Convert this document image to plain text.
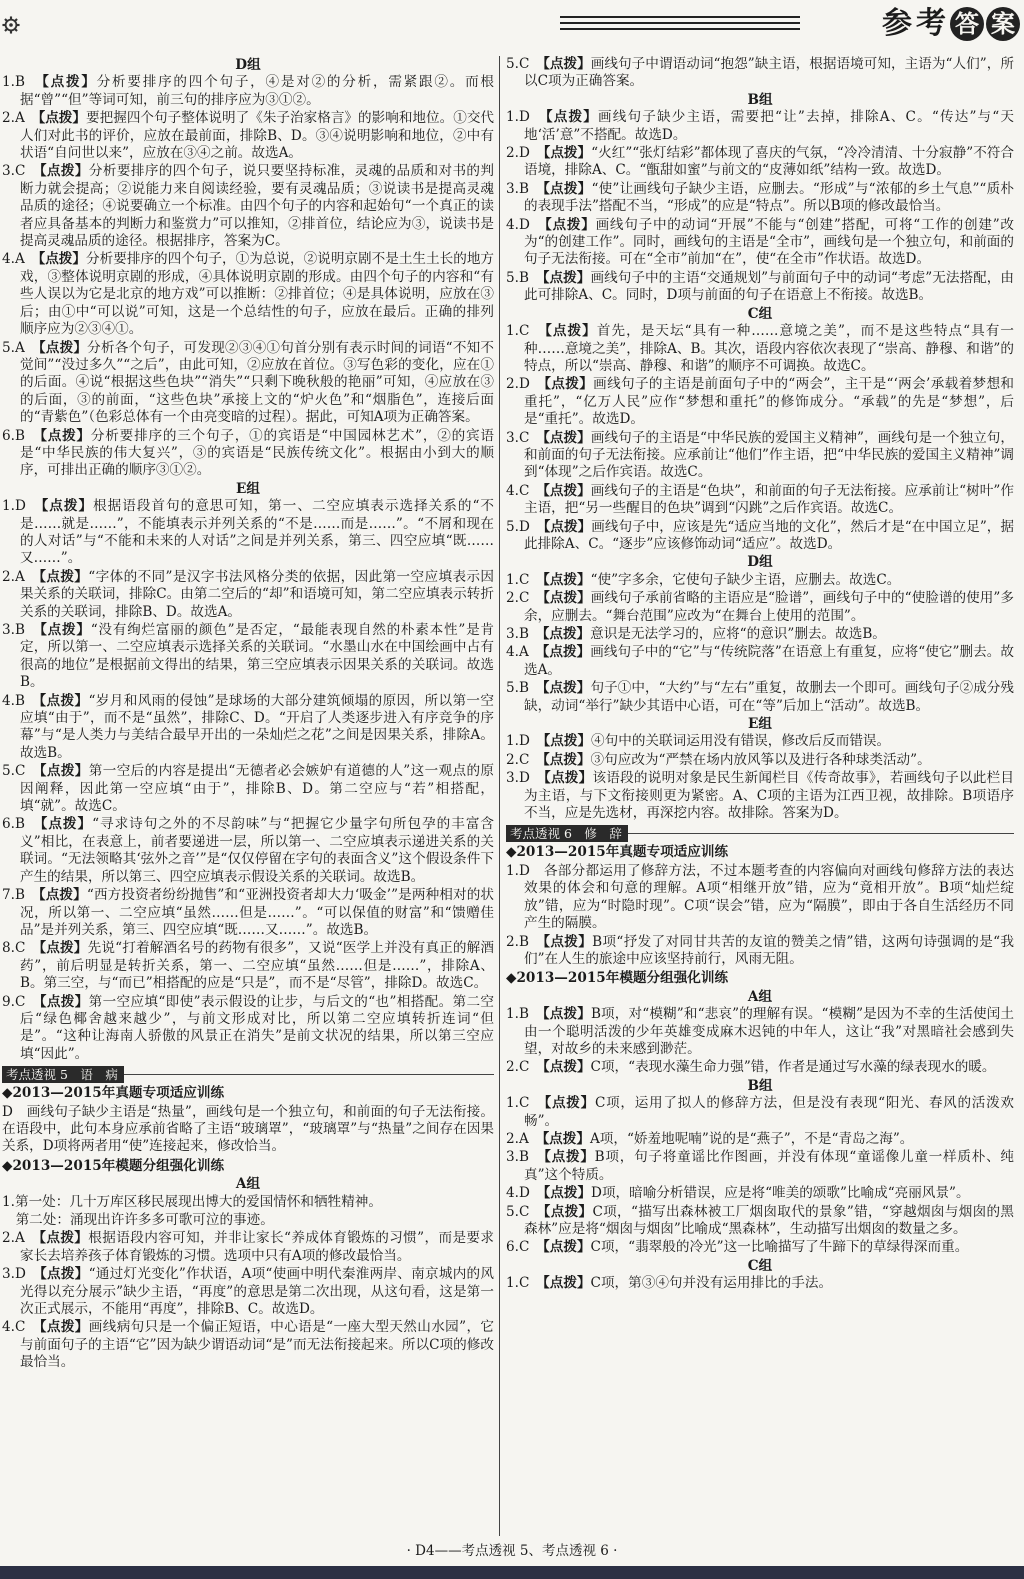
参 考 答 案
D组

1.B　 【点拨】分析要排序的四个句子，④是对②的分析，需紧跟②。而根据“曾”“但”等词可知，前三句的排序应为③①②。

2.A　 【点拨】要把握四个句子整体说明了《朱子治家格言》的影响和地位。①交代人们对此书的评价，应放在最前面，排除B、D。③④说明影响和地位，②中有状语“自问世以来”，应放在③④之前。故选A。

3.C　 【点拨】分析要排序的四个句子，说只要坚持标准，灵魂的品质和对书的判断力就会提高；②说能力来自阅读经验，要有灵魂品质；③说读书是提高灵魂品质的途径；④说要确立一个标准。由四个句子的内容和起始句“一个真正的读者应具备基本的判断力和鉴赏力”可以推知，②排首位，结论应为③，说读书是提高灵魂品质的途径。根据排序，答案为C。

4.A　 【点拨】分析要排序的四个句子，①为总说，②说明京剧不是土生土长的地方戏，③整体说明京剧的形成，④具体说明京剧的形成。由四个句子的内容和“有些人误以为它是北京的地方戏”可以推断：②排首位；④是具体说明，应放在③后；由①中“可以说”可知，这是一个总结性的句子，应放在最后。正确的排列顺序应为②③④①。

5.A　 【点拨】分析各个句子，可发现②③④①句首分别有表示时间的词语“不知不觉间”“没过多久”“之后”，由此可知，②应放在首位。③写色彩的变化，应在①的后面。④说“根据这些色块”“消失”“只剩下晚秋般的艳丽”可知，④应放在③的后面，③的前面，“这些色块”承接上文的“炉火色”和“烟脂色”，连接后面的“青紫色”（色彩总体有一个由亮变暗的过程）。据此，可知A项为正确答案。

6.B　 【点拨】分析要排序的三个句子，①的宾语是“中国园林艺术”，②的宾语是“中华民族的伟大复兴”，③的宾语是“民族传统文化”。根据由小到大的顺序，可排出正确的顺序③①②。

E组

1.D　 【点拨】根据语段首句的意思可知，第一、二空应填表示选择关系的“不是……就是……”，不能填表示并列关系的“不是……而是……”。“不屑和现在的人对话”与“不能和未来的人对话”之间是并列关系，第三、四空应填“既……又……”。

2.A　 【点拨】“字体的不同”是汉字书法风格分类的依据，因此第一空应填表示因果关系的关联词，排除C。由第二空后的“却”和语境可知，第二空应填表示转折关系的关联词，排除B、D。故选A。

3.B　 【点拨】“没有绚烂富丽的颜色”是否定，“最能表现自然的朴素本性”是肯定，所以第一、二空应填表示选择关系的关联词。“水墨山水在中国绘画中占有很高的地位”是根据前文得出的结果，第三空应填表示因果关系的关联词。故选B。

4.B　 【点拨】“岁月和风雨的侵蚀”是球场的大部分建筑倾塌的原因，所以第一空应填“由于”，而不是“虽然”，排除C、D。“开启了人类逐步进入有序竞争的序幕”与“是人类力与美结合最早开出的一朵灿烂之花”之间是因果关系，排除A。故选B。

5.C　 【点拨】第一空后的内容是提出“无德者必会嫉妒有道德的人”这一观点的原因阐释，因此第一空应填“由于”，排除B、D。第二空应与“若”相搭配，填“就”。故选C。

6.B　 【点拨】“寻求诗句之外的不尽韵味”与“把握它少量字句所包孕的丰富含义”相比，在表意上，前者要递进一层，所以第一、二空应填表示递进关系的关联词。“无法领略其‘弦外之音’”是“仅仅停留在字句的表面含义”这个假设条件下产生的结果，所以第三、四空应填表示假设关系的关联词。故选B。

7.B　 【点拨】“西方投资者纷纷抛售”和“亚洲投资者却大力‘吸金’”是两种相对的状况，所以第一、二空应填“虽然……但是……”。“可以保值的财富”和“馈赠佳品”是并列关系，第三、四空应填“既……又……”。故选B。

8.C　 【点拨】先说“打着解酒名号的药物有很多”，又说“医学上并没有真正的解酒药”，前后明显是转折关系，第一、二空应填“虽然……但是……”，排除A、B。第三空，与“而已”相搭配的应是“只是”，而不是“尽管”，排除D。故选C。

9.C　 【点拨】第一空应填“即使”表示假设的让步，与后文的“也”相搭配。第二空后“绿色椰舍越来越少”，与前文形成对比，所以第二空应填转折连词“但是”。“这种让海南人骄傲的风景正在消失”是前文状况的结果，所以第三空应填“因此”。

考点透视 5　语　病
◆ 2013—2015年真题专项适应训练

D　画线句子缺少主语是“热量”，画线句是一个独立句，和前面的句子无法衔接。在语段中，此句本身应承前省略了主语“玻璃罩”，“玻璃罩”与“热量”之间存在因果关系，D项将两者用“使”连接起来，修改恰当。

◆ 2013—2015年模题分组强化训练
A组

1.第一处：几十万库区移民展现出博大的爱国情怀和牺牲精神。

　第二处：涌现出许许多多可歌可泣的事迹。

2.A　 【点拨】根据语段内容可知，并非让家长“养成体育锻炼的习惯”，而是要求家长去培养孩子体育锻炼的习惯。选项中只有A项的修改最恰当。

3.D　 【点拨】“通过灯光变化”作状语，A项“使画中明代秦淮两岸、南京城内的风光得以充分展示”缺少主语，“再度”的意思是第二次出现，从这句看，这是第一次正式展示，不能用“再度”，排除B、C。故选D。

4.C　 【点拨】画线病句只是一个偏正短语，中心语是“一座大型天然山水园”，它与前面句子的主语“它”因为缺少谓语动词“是”而无法衔接起来。所以C项的修改最恰当。

5.C　 【点拨】画线句子中谓语动词“抱怨”缺主语，根据语境可知，主语为“人们”，所以C项为正确答案。

B组

1.D　 【点拨】画线句子缺少主语，需要把“让”去掉，排除A、C。“传达”与“天地‘活’意”不搭配。故选D。

2.D　 【点拨】“火红”“张灯结彩”都体现了喜庆的气氛，“冷冷清清、十分寂静”不符合语境，排除A、C。“甑甜如蜜”与前文的“皮薄如纸”结构一致。故选D。

3.B　 【点拨】“使”让画线句子缺少主语，应删去。“形成”与“浓郁的乡土气息”“质朴的表现手法”搭配不当，“形成”的应是“特点”。所以B项的修改最恰当。

4.D　 【点拨】画线句子中的动词“开展”不能与“创建”搭配，可将“工作的创建”改为“的创建工作”。同时，画线句的主语是“全市”，画线句是一个独立句，和前面的句子无法衔接。可在“全市”前加“在”，使“在全市”作状语。故选D。

5.B　 【点拨】画线句子中的主语“交通规划”与前面句子中的动词“考虑”无法搭配，由此可排除A、C。同时，D项与前面的句子在语意上不衔接。故选B。

C组

1.C　 【点拨】首先，是天坛“具有一种……意境之美”，而不是这些特点“具有一种……意境之美”，排除A、B。其次，语段内容依次表现了“崇高、静穆、和谐”的特点，所以“崇高、静穆、和谐”的顺序不可调换。故选C。

2.D　 【点拨】画线句子的主语是前面句子中的“两会”，主干是“‘两会’承载着梦想和重托”，“亿万人民”应作“梦想和重托”的修饰成分。“承载”的先是“梦想”，后是“重托”。故选D。

3.C　 【点拨】画线句子的主语是“中华民族的爱国主义精神”，画线句是一个独立句，和前面的句子无法衔接。应承前让“他们”作主语，把“中华民族的爱国主义精神”调到“体现”之后作宾语。故选C。

4.C　 【点拨】画线句子的主语是“色块”，和前面的句子无法衔接。应承前让“树叶”作主语，把“另一些醒目的色块”调到“闪跳”之后作宾语。故选C。

5.D　 【点拨】画线句子中，应该是先“适应当地的文化”，然后才是“在中国立足”，据此排除A、C。“逐步”应该修饰动词“适应”。故选D。

D组

1.C　 【点拨】“使”字多余，它使句子缺少主语，应删去。故选C。

2.C　 【点拨】画线句子承前省略的主语应是“脸谱”，画线句子中的“使脸谱的使用”多余，应删去。“舞台范围”应改为“在舞台上使用的范围”。

3.B　 【点拨】意识是无法学习的，应将“的意识”删去。故选B。

4.A　 【点拨】画线句子中的“它”与“传统院落”在语意上有重复，应将“使它”删去。故选A。

5.B　 【点拨】句子①中，“大约”与“左右”重复，故删去一个即可。画线句子②成分残缺，动词“举行”缺少其语中心语，可在“等”后加上“活动”。故选B。

E组

1.D　 【点拨】④句中的关联词运用没有错误，修改后反而错误。

2.C　 【点拨】③句应改为“严禁在场内放风筝以及进行各种球类活动”。

3.D　 【点拨】该语段的说明对象是民生新闻栏目《传奇故事》，若画线句子以此栏目为主语，与下文衔接则更为紧密。A、C项的主语为江西卫视，故排除。B项语序不当，应是先选材，再深挖内容。故排除。答案为D。

考点透视 6　修　辞
◆ 2013—2015年真题专项适应训练

1.D　 各部分都运用了修辞方法，不过本题考查的内容偏向对画线句修辞方法的表达效果的体会和句意的理解。A项“相继开放”错，应为“竟相开放”。B项“灿烂绽放”错，应为“时隐时现”。C项“误会”错，应为“隔膜”，即由于各自生活经历不同产生的隔膜。

2.B　 【点拨】B项“抒发了对同甘共苦的友谊的赞美之情”错，这两句诗强调的是“我们”在人生的旅途中应该坚持前行，风雨无阻。

◆ 2013—2015年模题分组强化训练
A组

1.B　 【点拨】B项，对“模糊”和“悲哀”的理解有误。“模糊”是因为不幸的生活使闰土由一个聪明活泼的少年英雄变成麻木迟钝的中年人，这让“我”对黑暗社会感到失望，对故乡的未来感到渺茫。

2.C　 【点拨】C项，“表现水藻生命力强”错，作者是通过写水藻的绿表现水的暖。

B组

1.C　 【点拨】C项，运用了拟人的修辞方法，但是没有表现“阳光、春风的活泼欢畅”。

2.A　 【点拨】A项，“娇羞地呢喃”说的是“燕子”，不是“青岛之海”。

3.B　 【点拨】B项，句子将童谣比作图画，并没有体现“童谣像儿童一样质朴、纯真”这个特质。

4.D　 【点拨】D项，暗喻分析错误，应是将“唯美的颂歌”比喻成“亮丽风景”。

5.C　 【点拨】C项，“描写出森林被工厂烟囱取代的景象”错，“穿越烟囱与烟囱的黑森林”应是将“烟囱与烟囱”比喻成“黑森林”，生动描写出烟囱的数量之多。

6.C　 【点拨】C项，“翡翠般的冷光”这一比喻描写了牛蹄下的草绿得深而重。

C组

1.C　 【点拨】C项，第③④句并没有运用排比的手法。

· D4——考点透视 5、考点透视 6 ·
